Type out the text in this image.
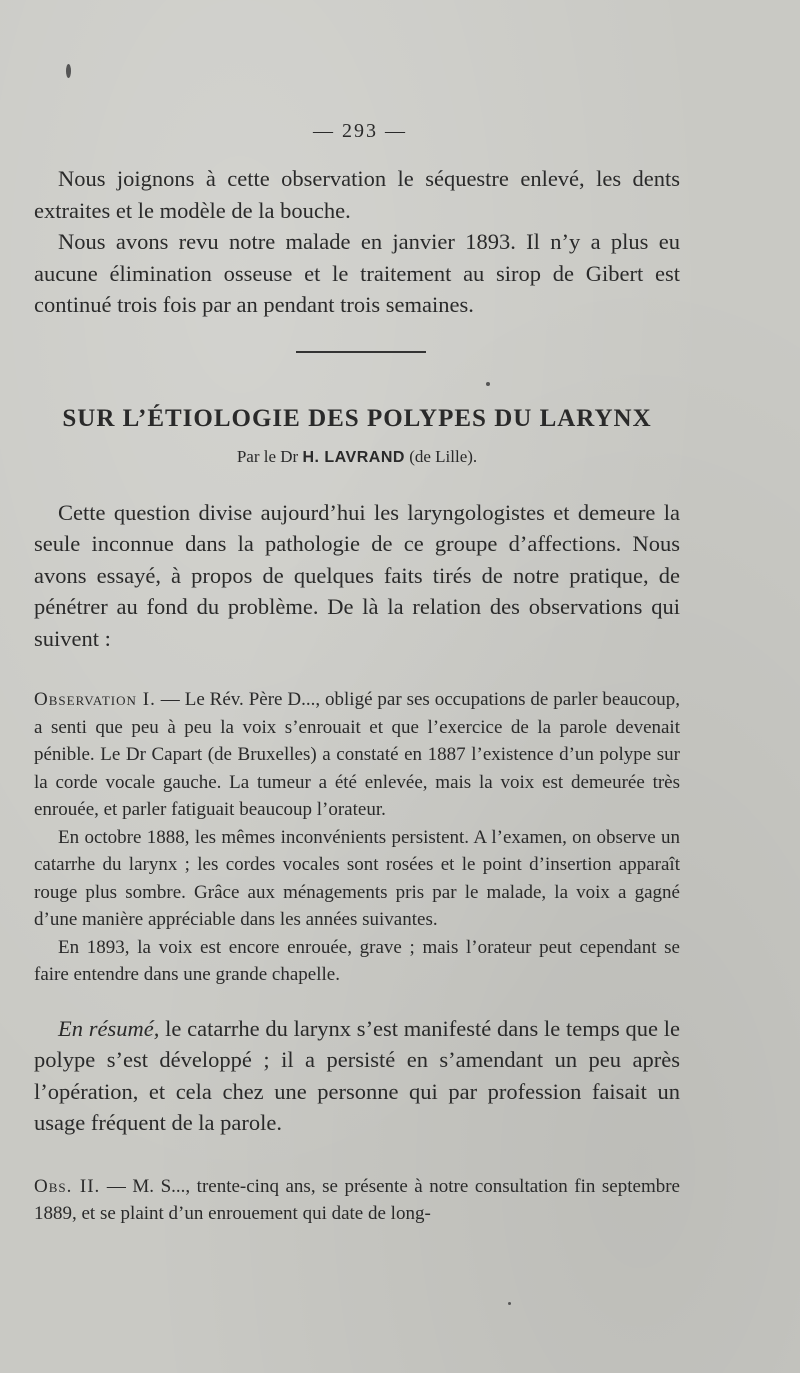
— 293 —

Nous joignons à cette observation le séquestre enlevé, les dents extraites et le modèle de la bouche.

Nous avons revu notre malade en janvier 1893. Il n’y a plus eu aucune élimination osseuse et le traitement au sirop de Gibert est continué trois fois par an pendant trois semaines.

SUR L’ÉTIOLOGIE DES POLYPES DU LARYNX
Par le Dr H. LAVRAND (de Lille).

Cette question divise aujourd’hui les laryngologistes et demeure la seule inconnue dans la pathologie de ce groupe d’affections. Nous avons essayé, à propos de quelques faits tirés de notre pratique, de pénétrer au fond du problème. De là la relation des observations qui suivent :

Observation I. — Le Rév. Père D..., obligé par ses occupations de parler beaucoup, a senti que peu à peu la voix s’enrouait et que l’exercice de la parole devenait pénible. Le Dr Capart (de Bruxelles) a constaté en 1887 l’existence d’un polype sur la corde vocale gauche. La tumeur a été enlevée, mais la voix est demeurée très enrouée, et parler fatiguait beaucoup l’orateur.

En octobre 1888, les mêmes inconvénients persistent. A l’examen, on observe un catarrhe du larynx ; les cordes vocales sont rosées et le point d’insertion apparaît rouge plus sombre. Grâce aux ménagements pris par le malade, la voix a gagné d’une manière appréciable dans les années suivantes.

En 1893, la voix est encore enrouée, grave ; mais l’orateur peut cependant se faire entendre dans une grande chapelle.

En résumé, le catarrhe du larynx s’est manifesté dans le temps que le polype s’est développé ; il a persisté en s’amendant un peu après l’opération, et cela chez une personne qui par profession faisait un usage fréquent de la parole.

Obs. II. — M. S..., trente-cinq ans, se présente à notre consultation fin septembre 1889, et se plaint d’un enrouement qui date de long-
